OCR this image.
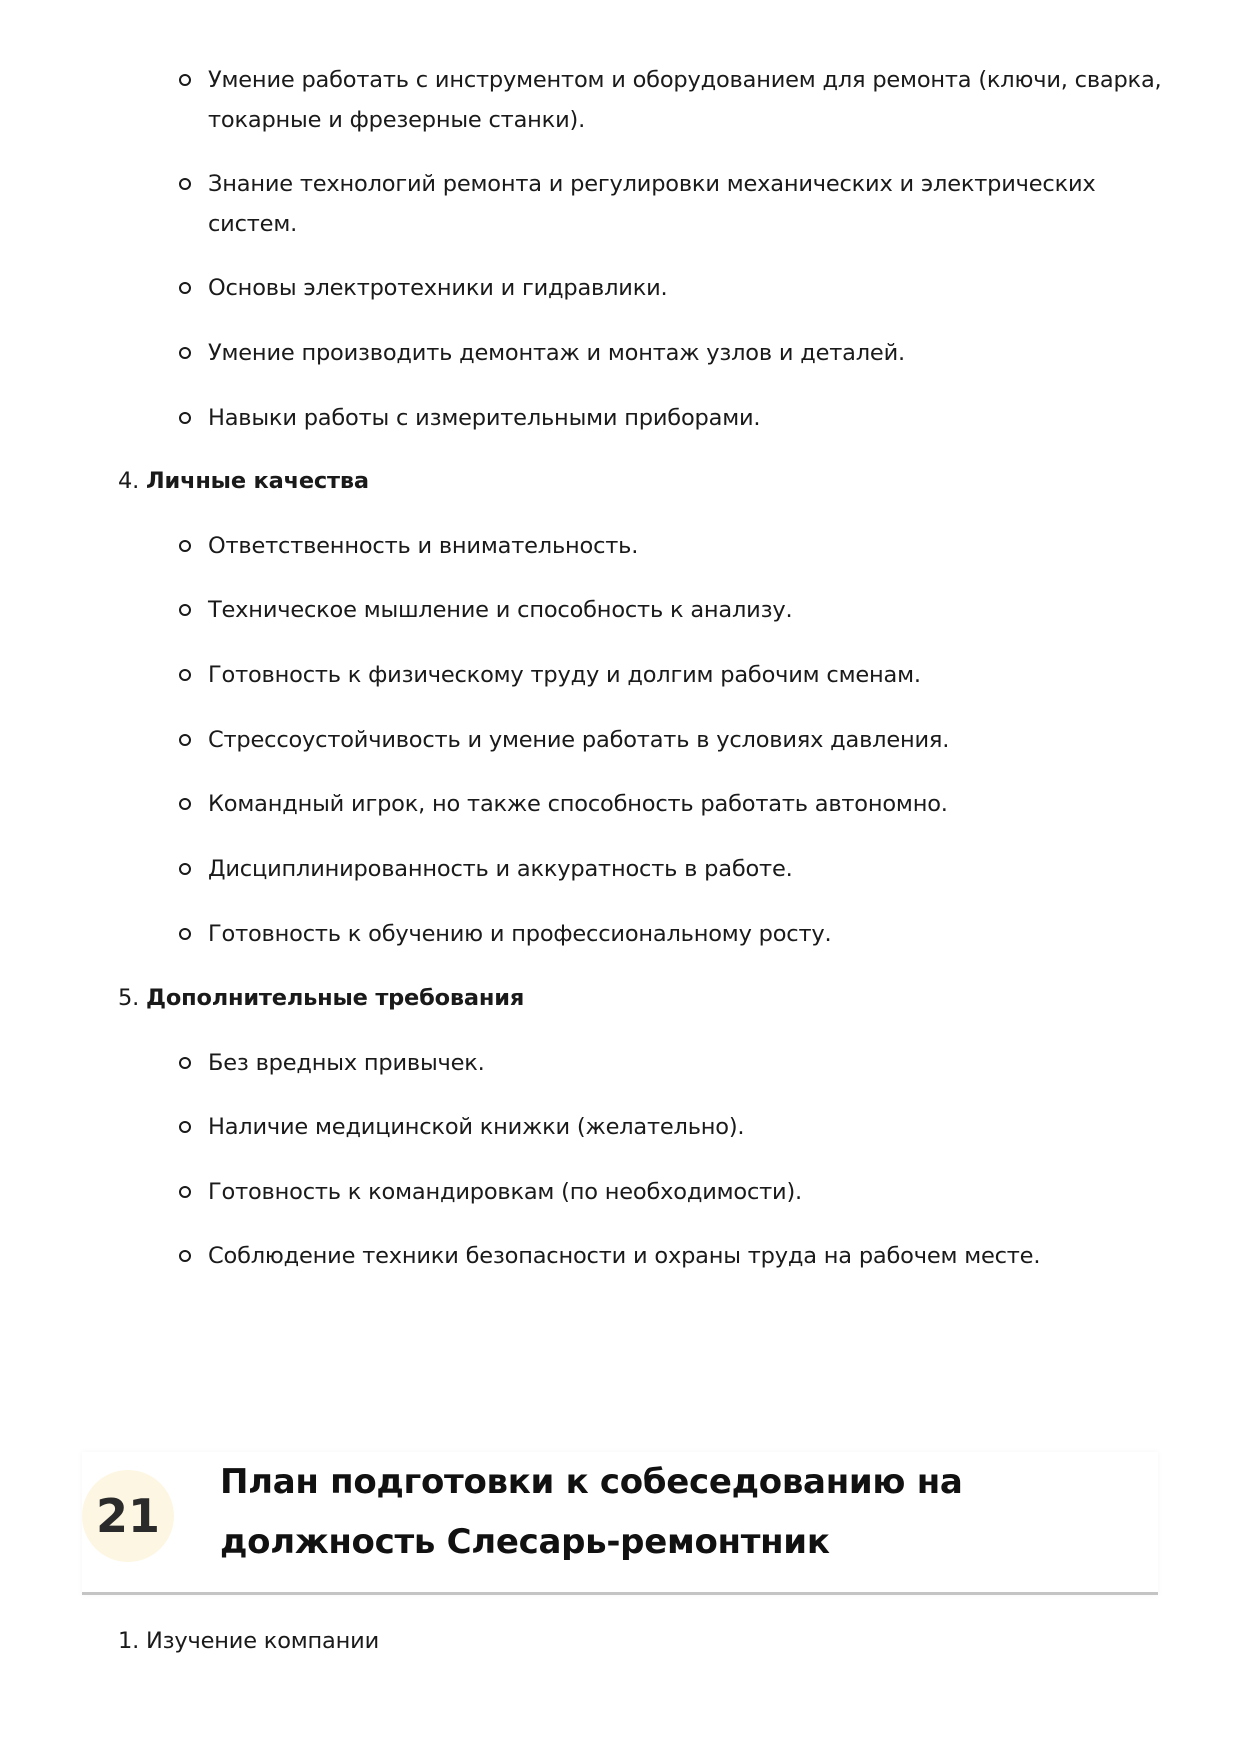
Умение работать с инструментом и оборудованием для ремонта (ключи, сварка, токарные и фрезерные станки).
Знание технологий ремонта и регулировки механических и электрических систем.
Основы электротехники и гидравлики.
Умение производить демонтаж и монтаж узлов и деталей.
Навыки работы с измерительными приборами.
4. Личные качества
Ответственность и внимательность.
Техническое мышление и способность к анализу.
Готовность к физическому труду и долгим рабочим сменам.
Стрессоустойчивость и умение работать в условиях давления.
Командный игрок, но также способность работать автономно.
Дисциплинированность и аккуратность в работе.
Готовность к обучению и профессиональному росту.
5. Дополнительные требования
Без вредных привычек.
Наличие медицинской книжки (желательно).
Готовность к командировкам (по необходимости).
Соблюдение техники безопасности и охраны труда на рабочем месте.
21
План подготовки к собеседованию на должность Слесарь-ремонтник
1. Изучение компании
